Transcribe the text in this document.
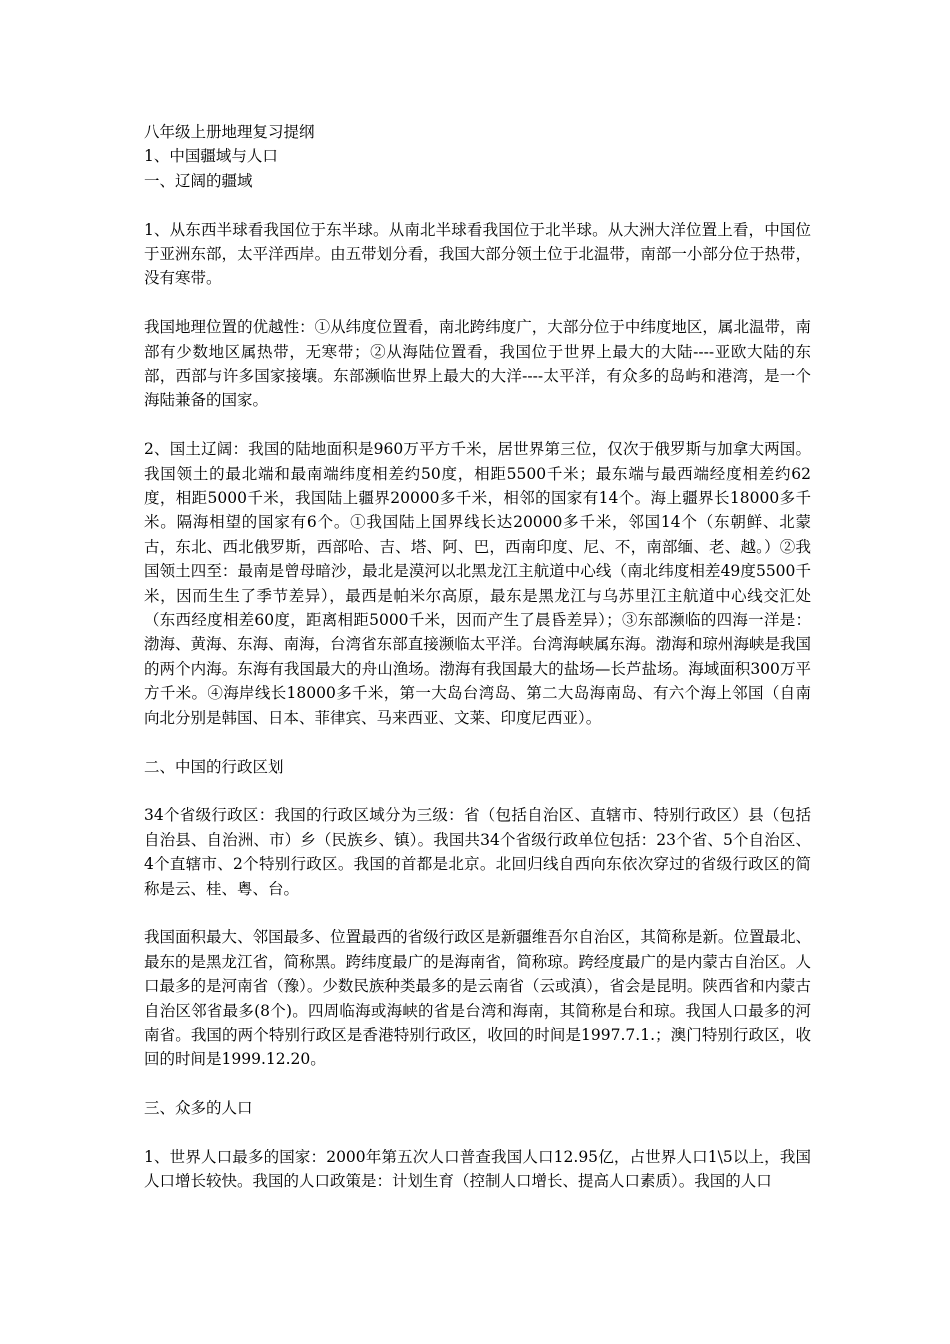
八年级上册地理复习提纲
1、中国疆域与人口
一、辽阔的疆域

1、从东西半球看我国位于东半球。从南北半球看我国位于北半球。从大洲大洋位置上看，中国位于亚洲东部，太平洋西岸。由五带划分看，我国大部分领土位于北温带，南部一小部分位于热带，没有寒带。

我国地理位置的优越性：①从纬度位置看，南北跨纬度广，大部分位于中纬度地区，属北温带，南部有少数地区属热带，无寒带；②从海陆位置看，我国位于世界上最大的大陆----亚欧大陆的东部，西部与许多国家接壤。东部濒临世界上最大的大洋----太平洋，有众多的岛屿和港湾，是一个海陆兼备的国家。

2、国土辽阔：我国的陆地面积是960万平方千米，居世界第三位，仅次于俄罗斯与加拿大两国。我国领土的最北端和最南端纬度相差约50度，相距5500千米；最东端与最西端经度相差约62度，相距5000千米，我国陆上疆界20000多千米，相邻的国家有14个。海上疆界长18000多千米。隔海相望的国家有6个。①我国陆上国界线长达20000多千米，邻国14个（东朝鲜、北蒙古，东北、西北俄罗斯，西部哈、吉、塔、阿、巴，西南印度、尼、不，南部缅、老、越。）②我国领土四至：最南是曾母暗沙，最北是漠河以北黑龙江主航道中心线（南北纬度相差49度5500千米，因而生生了季节差异），最西是帕米尔高原，最东是黑龙江与乌苏里江主航道中心线交汇处（东西经度相差60度，距离相距5000千米，因而产生了晨昏差异）；③东部濒临的四海一洋是：渤海、黄海、东海、南海，台湾省东部直接濒临太平洋。台湾海峡属东海。渤海和琼州海峡是我国的两个内海。东海有我国最大的舟山渔场。渤海有我国最大的盐场—长芦盐场。海域面积300万平方千米。④海岸线长18000多千米，第一大岛台湾岛、第二大岛海南岛、有六个海上邻国（自南向北分别是韩国、日本、菲律宾、马来西亚、文莱、印度尼西亚）。

二、中国的行政区划

34个省级行政区：我国的行政区域分为三级：省（包括自治区、直辖市、特别行政区）县（包括自治县、自治洲、市）乡（民族乡、镇）。我国共34个省级行政单位包括：23个省、5个自治区、4个直辖市、2个特别行政区。我国的首都是北京。北回归线自西向东依次穿过的省级行政区的简称是云、桂、粤、台。

我国面积最大、邻国最多、位置最西的省级行政区是新疆维吾尔自治区，其简称是新。位置最北、最东的是黑龙江省，简称黑。跨纬度最广的是海南省，简称琼。跨经度最广的是内蒙古自治区。人口最多的是河南省（豫）。少数民族种类最多的是云南省（云或滇），省会是昆明。陕西省和内蒙古自治区邻省最多(8个)。四周临海或海峡的省是台湾和海南，其简称是台和琼。我国人口最多的河南省。我国的两个特别行政区是香港特别行政区，收回的时间是1997.7.1.；澳门特别行政区，收回的时间是1999.12.20。

三、众多的人口

1、世界人口最多的国家：2000年第五次人口普查我国人口12.95亿，占世界人口1\5以上，我国人口增长较快。我国的人口政策是：计划生育（控制人口增长、提高人口素质）。我国的人口
